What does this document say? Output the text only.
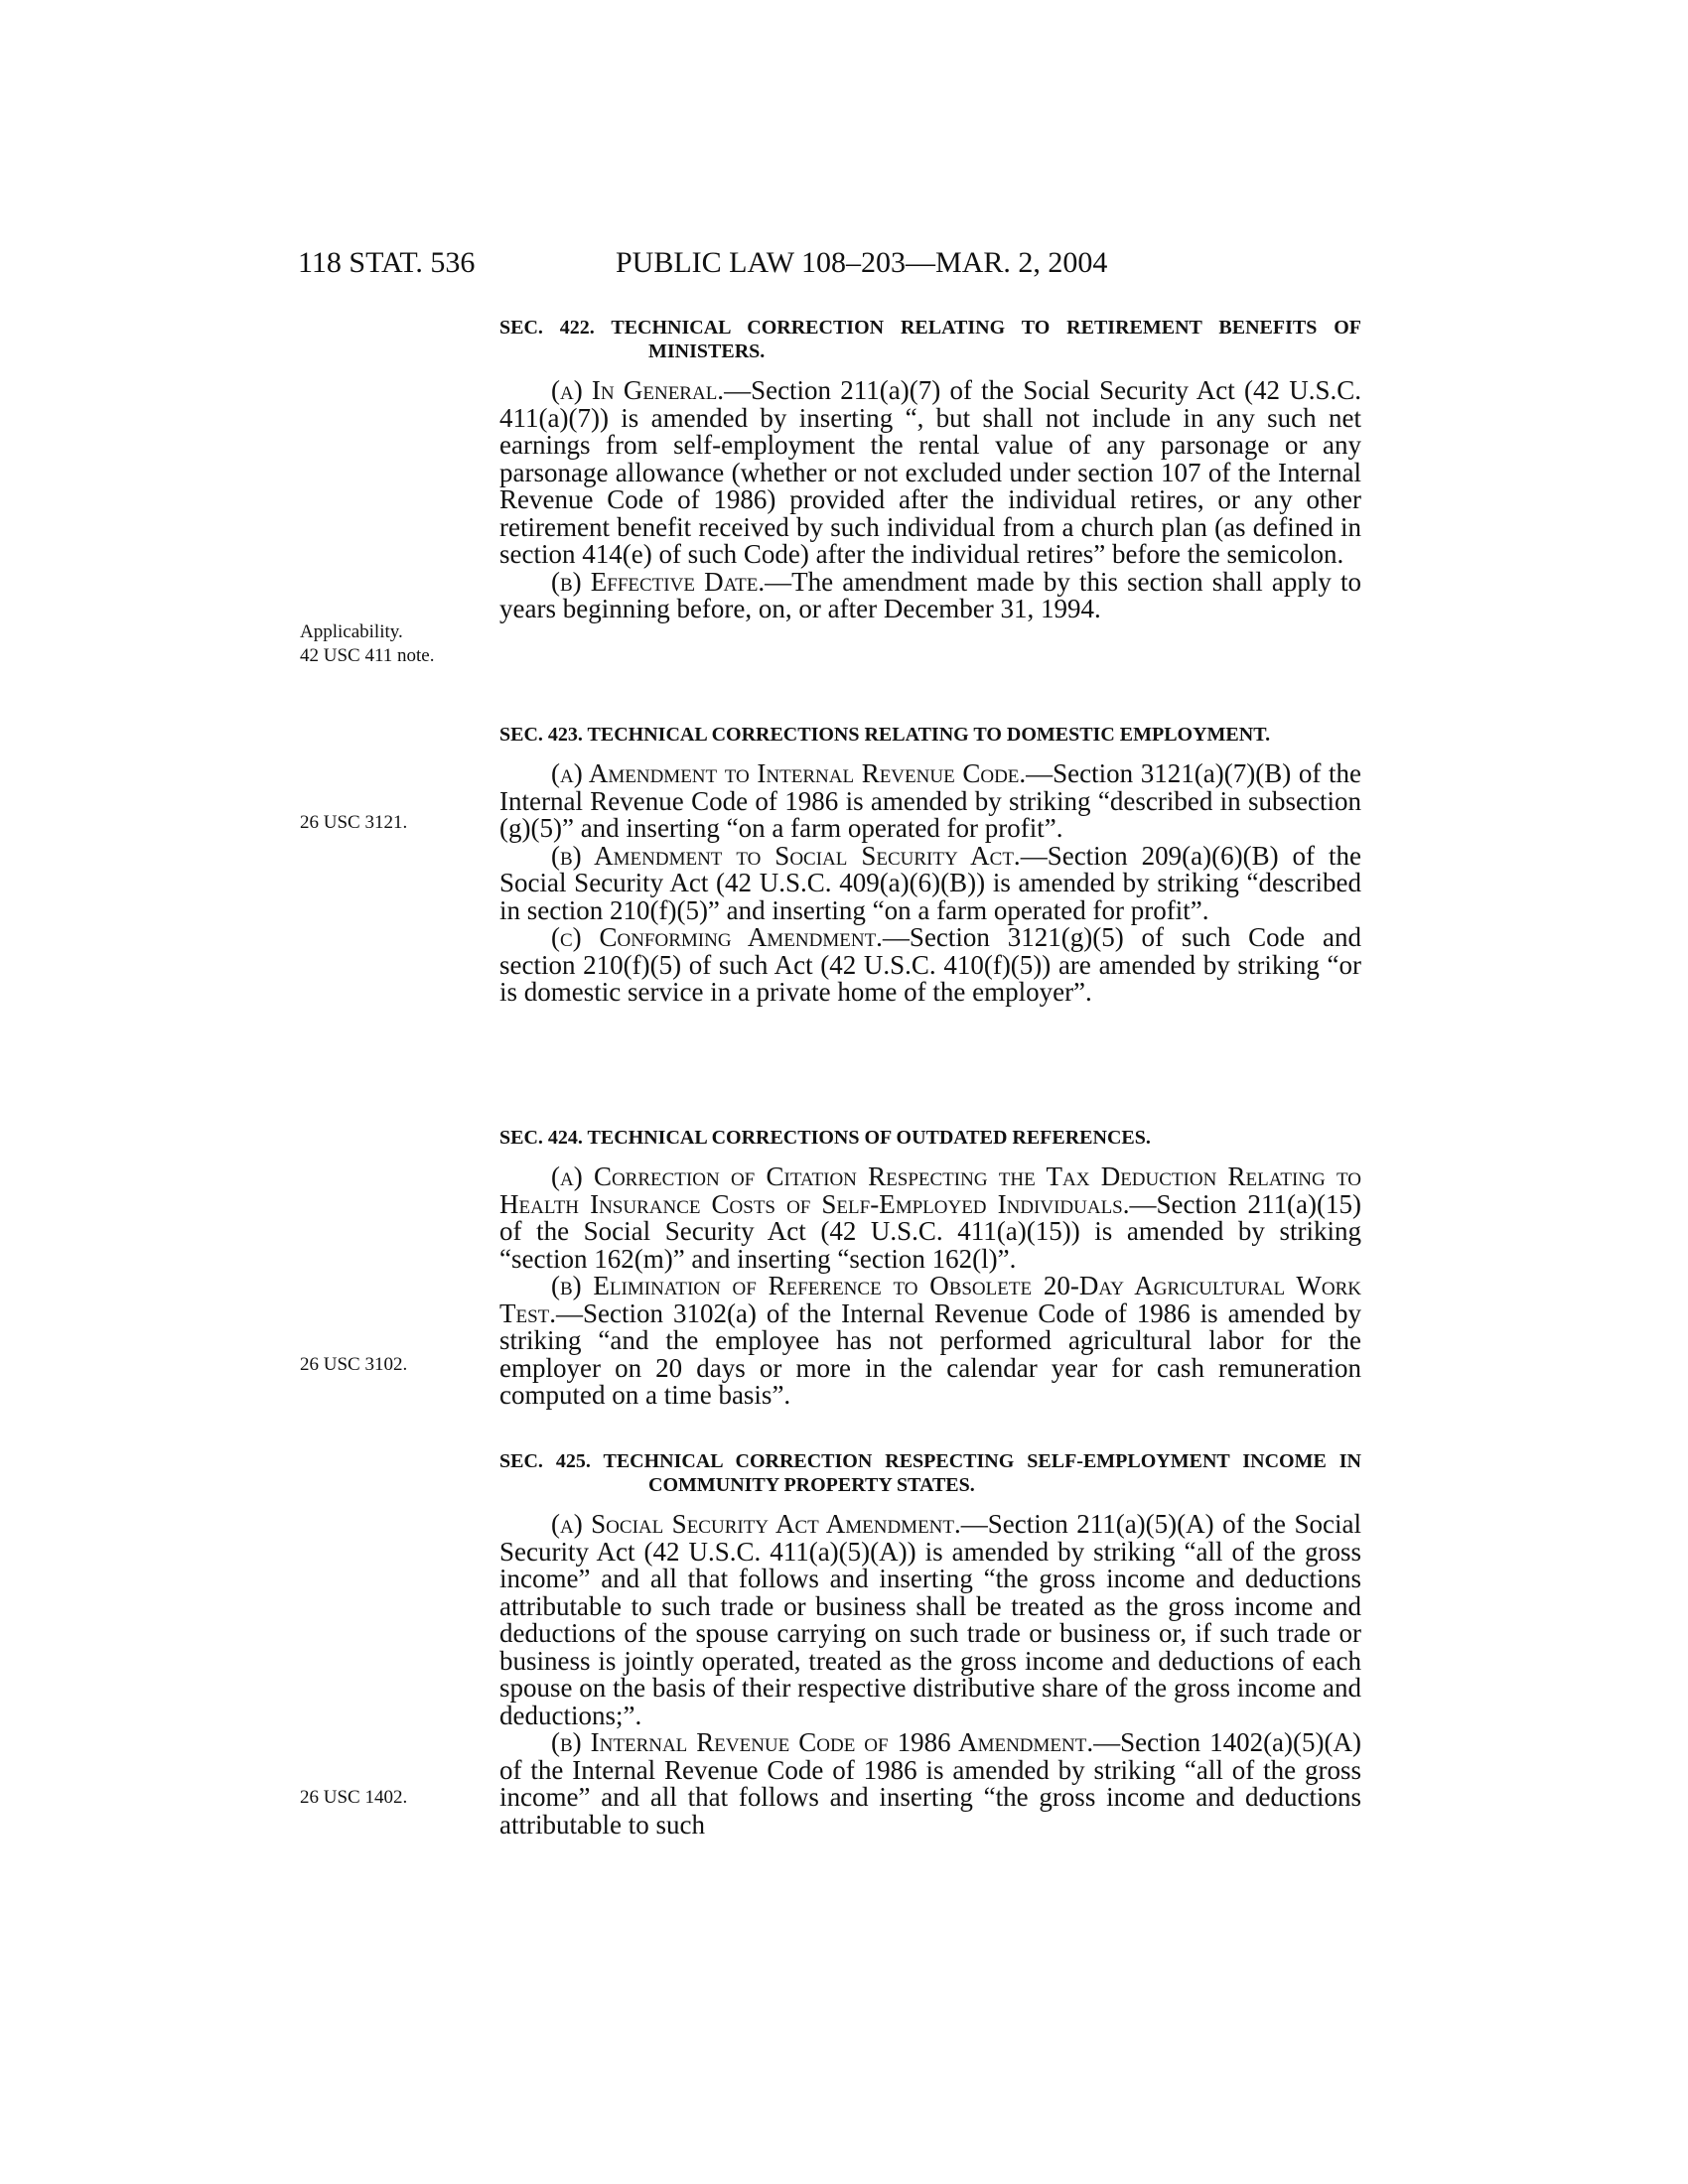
118 STAT. 536	PUBLIC LAW 108–203—MAR. 2, 2004

SEC. 422. TECHNICAL CORRECTION RELATING TO RETIREMENT BENEFITS OF MINISTERS.

(a) In General.—Section 211(a)(7) of the Social Security Act (42 U.S.C. 411(a)(7)) is amended by inserting “, but shall not include in any such net earnings from self-employment the rental value of any parsonage or any parsonage allowance (whether or not excluded under section 107 of the Internal Revenue Code of 1986) provided after the individual retires, or any other retirement benefit received by such individual from a church plan (as defined in section 414(e) of such Code) after the individual retires” before the semicolon.

(b) Effective Date.—The amendment made by this section shall apply to years beginning before, on, or after December 31, 1994.

Applicability.
42 USC 411 note.

SEC. 423. TECHNICAL CORRECTIONS RELATING TO DOMESTIC EMPLOYMENT.

(a) Amendment to Internal Revenue Code.—Section 3121(a)(7)(B) of the Internal Revenue Code of 1986 is amended by striking “described in subsection (g)(5)” and inserting “on a farm operated for profit”.

(b) Amendment to Social Security Act.—Section 209(a)(6)(B) of the Social Security Act (42 U.S.C. 409(a)(6)(B)) is amended by striking “described in section 210(f)(5)” and inserting “on a farm operated for profit”.

(c) Conforming Amendment.—Section 3121(g)(5) of such Code and section 210(f)(5) of such Act (42 U.S.C. 410(f)(5)) are amended by striking “or is domestic service in a private home of the employer”.

26 USC 3121.

SEC. 424. TECHNICAL CORRECTIONS OF OUTDATED REFERENCES.

(a) Correction of Citation Respecting the Tax Deduction Relating to Health Insurance Costs of Self-Employed Individuals.—Section 211(a)(15) of the Social Security Act (42 U.S.C. 411(a)(15)) is amended by striking “section 162(m)” and inserting “section 162(l)”.

(b) Elimination of Reference to Obsolete 20-Day Agricultural Work Test.—Section 3102(a) of the Internal Revenue Code of 1986 is amended by striking “and the employee has not performed agricultural labor for the employer on 20 days or more in the calendar year for cash remuneration computed on a time basis”.

26 USC 3102.

SEC. 425. TECHNICAL CORRECTION RESPECTING SELF-EMPLOYMENT INCOME IN COMMUNITY PROPERTY STATES.

(a) Social Security Act Amendment.—Section 211(a)(5)(A) of the Social Security Act (42 U.S.C. 411(a)(5)(A)) is amended by striking “all of the gross income” and all that follows and inserting “the gross income and deductions attributable to such trade or business shall be treated as the gross income and deductions of the spouse carrying on such trade or business or, if such trade or business is jointly operated, treated as the gross income and deductions of each spouse on the basis of their respective distributive share of the gross income and deductions;”.

(b) Internal Revenue Code of 1986 Amendment.—Section 1402(a)(5)(A) of the Internal Revenue Code of 1986 is amended by striking “all of the gross income” and all that follows and inserting “the gross income and deductions attributable to such

26 USC 1402.
